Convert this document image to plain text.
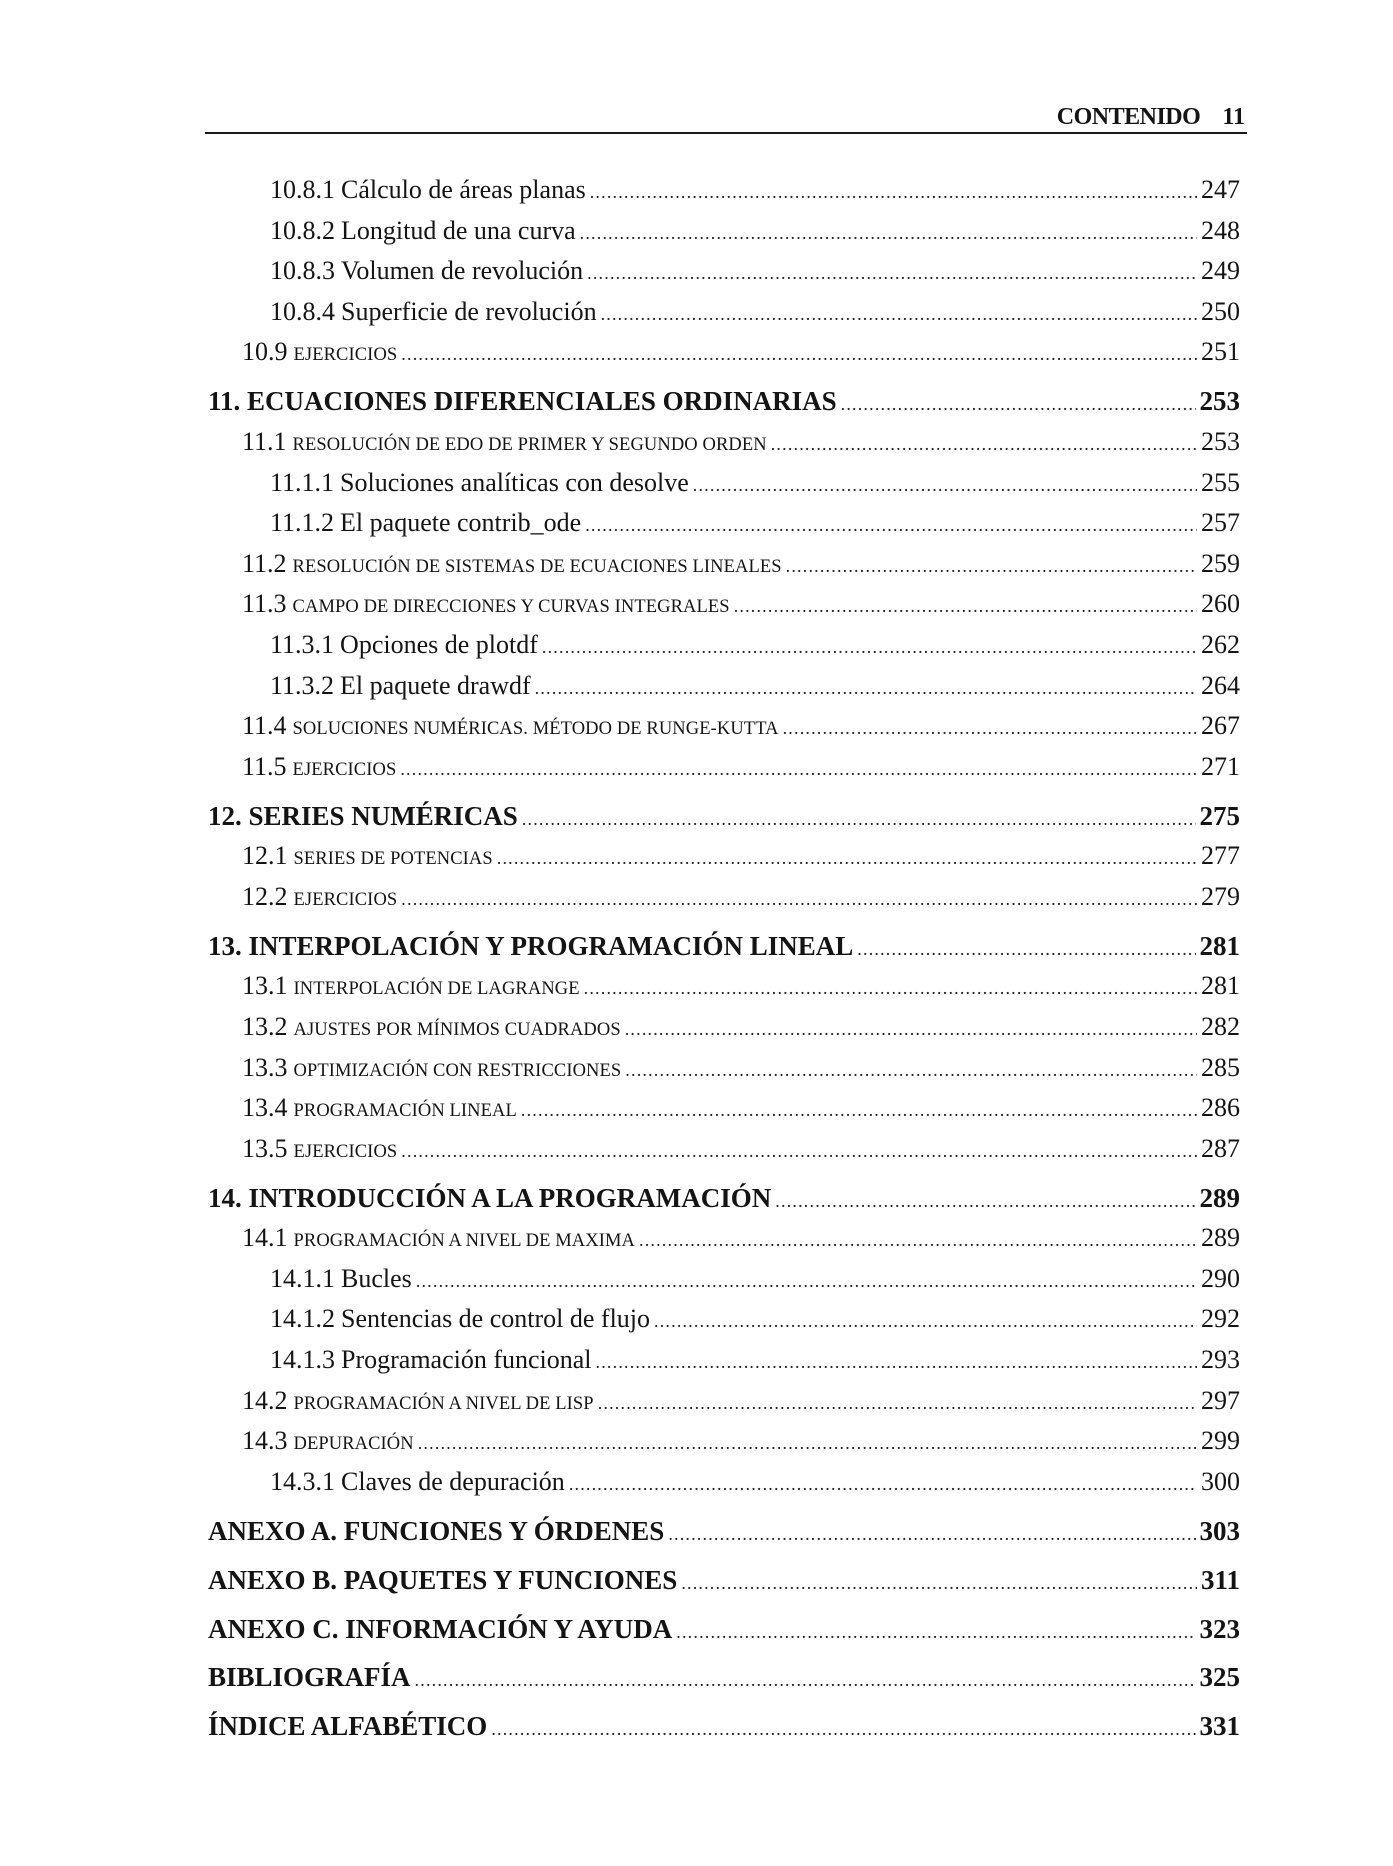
CONTENIDO 11
10.8.1 Cálculo de áreas planas .....	247
10.8.2 Longitud de una curva .....	248
10.8.3 Volumen de revolución .....	249
10.8.4 Superficie de revolución .....	250
10.9 EJERCICIOS .....	251
11. ECUACIONES DIFERENCIALES ORDINARIAS .....	253
11.1 RESOLUCIÓN DE EDO DE PRIMER Y SEGUNDO ORDEN .....	253
11.1.1 Soluciones analíticas con desolve .....	255
11.1.2 El paquete contrib_ode .....	257
11.2 RESOLUCIÓN DE SISTEMAS DE ECUACIONES LINEALES .....	259
11.3 CAMPO DE DIRECCIONES Y CURVAS INTEGRALES .....	260
11.3.1 Opciones de plotdf .....	262
11.3.2 El paquete drawdf .....	264
11.4 SOLUCIONES NUMÉRICAS. MÉTODO DE RUNGE-KUTTA .....	267
11.5 EJERCICIOS .....	271
12. SERIES NUMÉRICAS .....	275
12.1 SERIES DE POTENCIAS .....	277
12.2 EJERCICIOS .....	279
13. INTERPOLACIÓN Y PROGRAMACIÓN LINEAL .....	281
13.1 INTERPOLACIÓN DE LAGRANGE .....	281
13.2 AJUSTES POR MÍNIMOS CUADRADOS .....	282
13.3 OPTIMIZACIÓN CON RESTRICCIONES .....	285
13.4 PROGRAMACIÓN LINEAL .....	286
13.5 EJERCICIOS .....	287
14. INTRODUCCIÓN A LA PROGRAMACIÓN .....	289
14.1 PROGRAMACIÓN A NIVEL DE MAXIMA .....	289
14.1.1 Bucles .....	290
14.1.2 Sentencias de control de flujo .....	292
14.1.3 Programación funcional .....	293
14.2 PROGRAMACIÓN A NIVEL DE LISP .....	297
14.3 DEPURACIÓN .....	299
14.3.1 Claves de depuración .....	300
ANEXO A. FUNCIONES Y ÓRDENES .....	303
ANEXO B. PAQUETES Y FUNCIONES .....	311
ANEXO C. INFORMACIÓN Y AYUDA .....	323
BIBLIOGRAFÍA .....	325
ÍNDICE ALFABÉTICO .....	331
